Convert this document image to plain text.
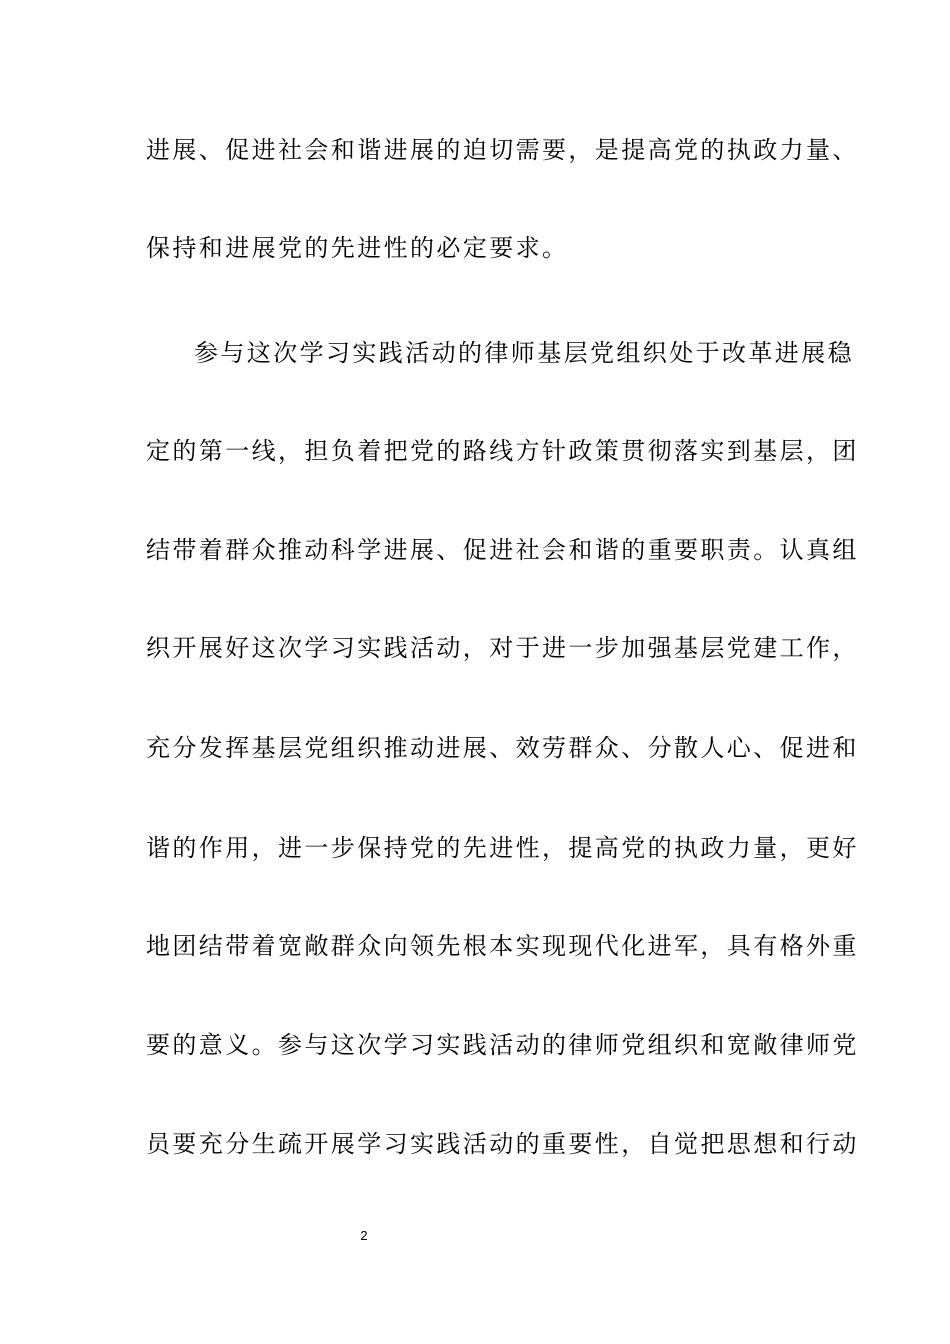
进展、促进社会和谐进展的迫切需要，是提高党的执政力量、
保持和进展党的先进性的必定要求。
参与这次学习实践活动的律师基层党组织处于改革进展稳
定的第一线，担负着把党的路线方针政策贯彻落实到基层，团
结带着群众推动科学进展、促进社会和谐的重要职责。认真组
织开展好这次学习实践活动，对于进一步加强基层党建工作，
充分发挥基层党组织推动进展、效劳群众、分散人心、促进和
谐的作用，进一步保持党的先进性，提高党的执政力量，更好
地团结带着宽敞群众向领先根本实现现代化进军，具有格外重
要的意义。参与这次学习实践活动的律师党组织和宽敞律师党
员要充分生疏开展学习实践活动的重要性，自觉把思想和行动
2
